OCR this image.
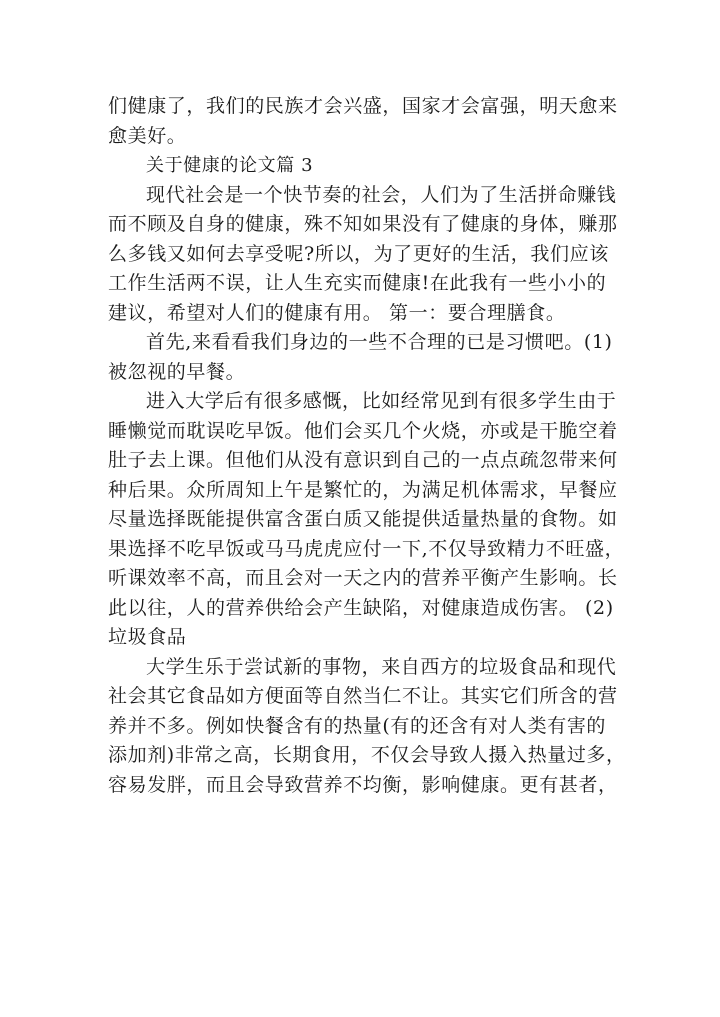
们健康了，我们的民族才会兴盛，国家才会富强，明天愈来
愈美好。
关于健康的论文篇 3
现代社会是一个快节奏的社会，人们为了生活拼命赚钱
而不顾及自身的健康，殊不知如果没有了健康的身体，赚那
么多钱又如何去享受呢?所以，为了更好的生活，我们应该
工作生活两不误，让人生充实而健康!在此我有一些小小的
建议，希望对人们的健康有用。 第一：要合理膳食。
首先,来看看我们身边的一些不合理的已是习惯吧。(1)
被忽视的早餐。
进入大学后有很多感慨，比如经常见到有很多学生由于
睡懒觉而耽误吃早饭。他们会买几个火烧，亦或是干脆空着
肚子去上课。但他们从没有意识到自己的一点点疏忽带来何
种后果。众所周知上午是繁忙的，为满足机体需求，早餐应
尽量选择既能提供富含蛋白质又能提供适量热量的食物。如
果选择不吃早饭或马马虎虎应付一下,不仅导致精力不旺盛，
听课效率不高，而且会对一天之内的营养平衡产生影响。长
此以往，人的营养供给会产生缺陷，对健康造成伤害。 (2)
垃圾食品
大学生乐于尝试新的事物，来自西方的垃圾食品和现代
社会其它食品如方便面等自然当仁不让。其实它们所含的营
养并不多。例如快餐含有的热量(有的还含有对人类有害的
添加剂)非常之高，长期食用，不仅会导致人摄入热量过多，
容易发胖，而且会导致营养不均衡，影响健康。更有甚者，
